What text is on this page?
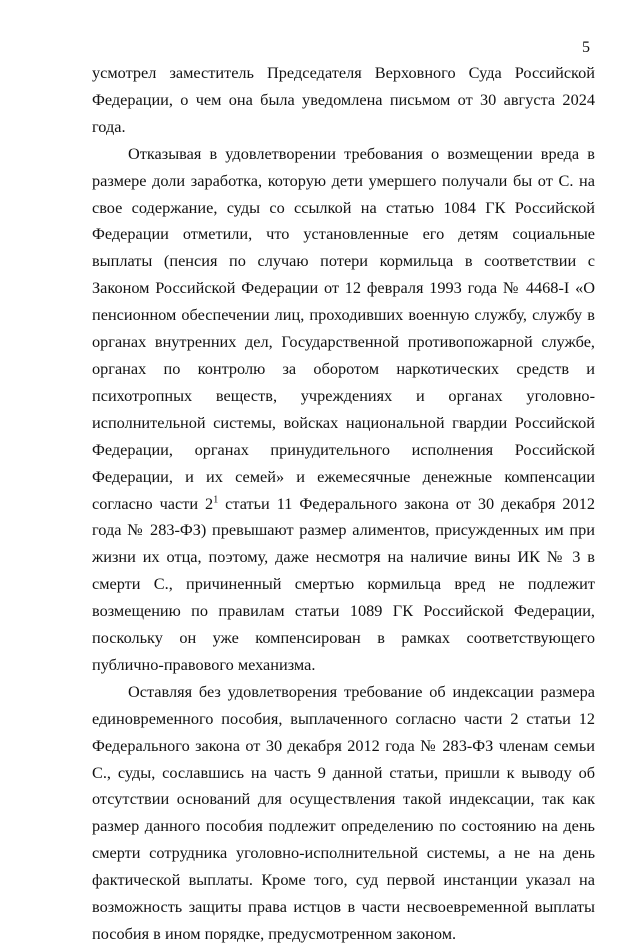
5

усмотрел заместитель Председателя Верховного Суда Российской Федерации, о чем она была уведомлена письмом от 30 августа 2024 года.

Отказывая в удовлетворении требования о возмещении вреда в размере доли заработка, которую дети умершего получали бы от С. на свое содержание, суды со ссылкой на статью 1084 ГК Российской Федерации отметили, что установленные его детям социальные выплаты (пенсия по случаю потери кормильца в соответствии с Законом Российской Федерации от 12 февраля 1993 года № 4468-I «О пенсионном обеспечении лиц, проходивших военную службу, службу в органах внутренних дел, Государственной противопожарной службе, органах по контролю за оборотом наркотических средств и психотропных веществ, учреждениях и органах уголовно-исполнительной системы, войсках национальной гвардии Российской Федерации, органах принудительного исполнения Российской Федерации, и их семей» и ежемесячные денежные компенсации согласно части $2^1$ статьи 11 Федерального закона от 30 декабря 2012 года № 283-ФЗ) превышают размер алиментов, присужденных им при жизни их отца, поэтому, даже несмотря на наличие вины ИК № 3 в смерти С., причиненный смертью кормильца вред не подлежит возмещению по правилам статьи 1089 ГК Российской Федерации, поскольку он уже компенсирован в рамках соответствующего публично-правового механизма.

Оставляя без удовлетворения требование об индексации размера единовременного пособия, выплаченного согласно части 2 статьи 12 Федерального закона от 30 декабря 2012 года № 283-ФЗ членам семьи С., суды, сославшись на часть 9 данной статьи, пришли к выводу об отсутствии оснований для осуществления такой индексации, так как размер данного пособия подлежит определению по состоянию на день смерти сотрудника уголовно-исполнительной системы, а не на день фактической выплаты. Кроме того, суд первой инстанции указал на возможность защиты права истцов в части несвоевременной выплаты пособия в ином порядке, предусмотренном законом.
